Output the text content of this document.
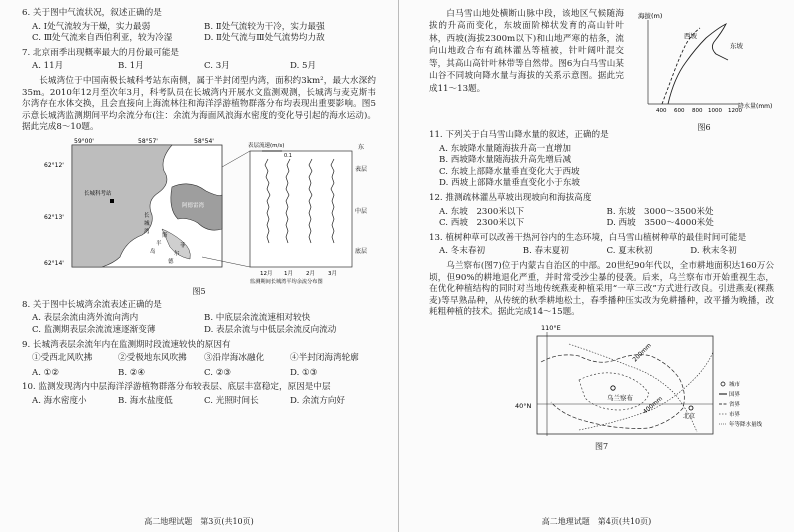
6. 关于图中气流状况，叙述正确的是
A. Ⅰ处气流较为干燥，实力最弱	B. Ⅱ处气流较为干冷，实力最强
C. Ⅲ处气流来自西伯利亚，较为冷湿	D. Ⅱ处气流与Ⅲ处气流势均力敌
7. 北京雨季出现概率最大的月份最可能是
A. 11月	B. 1月	C. 3月	D. 5月
长城湾位于中国南极长城科考站东南侧，属于半封闭型内湾，面积约3km²，最大水深约35m。2010年12月至次年3月，科考队员在长城湾内开展水文监测观测，长城湾与麦克斯韦尔湾存在水体交换，且会直接向上海流林往和海洋浮游植物群落分布均表现出重要影响。图5示意长城湾监测期间平均余流分布(注：余流为海面风浪海水密度的变化导引起的海水运动)。据此完成8～10题。
59°00'	58°57'	58°54'
62°12'
62°13'
62°14'
长城科考站
阿德雷湾
长
城
湾
菲
尔
德
斯
半
岛
表层流速(m/s)
0.1
东
表层
中层
底层
12月 1月 2月 3月
监测期间长城湾平均余流分布图
图5
8. 关于图中长城湾余流表述正确的是
A. 表层余流由湾外流向湾内	B. 中底层余流流速相对较快
C. 监测期表层余流流速逐渐变薄	D. 表层余流与中低层余流反向流动
9. 长城湾表层余流年内在监测期时段流速较快的原因有
①受西北风吹拂	②受极地东风吹拂	③沿岸海冰融化	④半封闭海湾轮廓
A. ①②	B. ②④	C. ②③	D. ①③
10. 监测发现湾内中层海洋浮游植物群落分布较表层、底层丰富稳定，原因是中层
A. 海水密度小	B. 海水盐度低	C. 光照时间长	D. 余流方向好
高二地理试题　第3页(共10页)
白马雪山地处横断山脉中段，该地区气候随海拔的升高而变化，东坡面阶梯状发育的高山针叶林，西坡(海拔2300m以下)和山地严寒的桔条，流向山地政合布有疏林灌丛等植被，针叶阔叶混交等，其高山高针叶林带等自然带。图6为白马雪山某山谷不同坡向降水量与海拔的关系示意图。据此完成11～13题。
海拔(m)
西坡
东坡
400 600 800 1000 1200
降水量(mm)
图6
11. 下列关于白马雪山降水量的叙述，正确的是
A. 东坡降水量随海拔升高一直增加
B. 西坡降水量随海拔升高先增后减
C. 东坡上部降水量垂直变化大于西坡
D. 西坡上部降水量垂直变化小于东坡
12. 推测疏林灌丛草坡出现坡向和海拔高度
A. 东坡　2300米以下	B. 东坡　3000～3500米处
C. 西坡　2300米以下	D. 西坡　3500～4000米处
13. 植树种草可以改善干热河谷内的生态环境，白马雪山植树种草的最佳时间可能是
A. 冬末春初	B. 春末夏初	C. 夏末秋初	D. 秋末冬初
乌兰察布(图7)位于内蒙古自治区的中部。20世纪90年代以，全市耕地面积达160万公顷，但90%的耕地退化严重，并时常受沙尘暴的侵袭。后来，乌兰察布市开始重视生态，在优化种植结构的同时对当地传统燕麦种植采用“一草三改”方式进行改良。引进燕麦(裸燕麦)等早熟品种，从传统的秋季耕地松土，春季播种压实改为免耕播种，改平播为晚播，改耗粗种植的技术。据此完成14～15题。
110°E
40°N
200mm
400mm
乌兰察布
北京
城市
国界
省界
市界
年等降水量线
图7
高二地理试题　第4页(共10页)
